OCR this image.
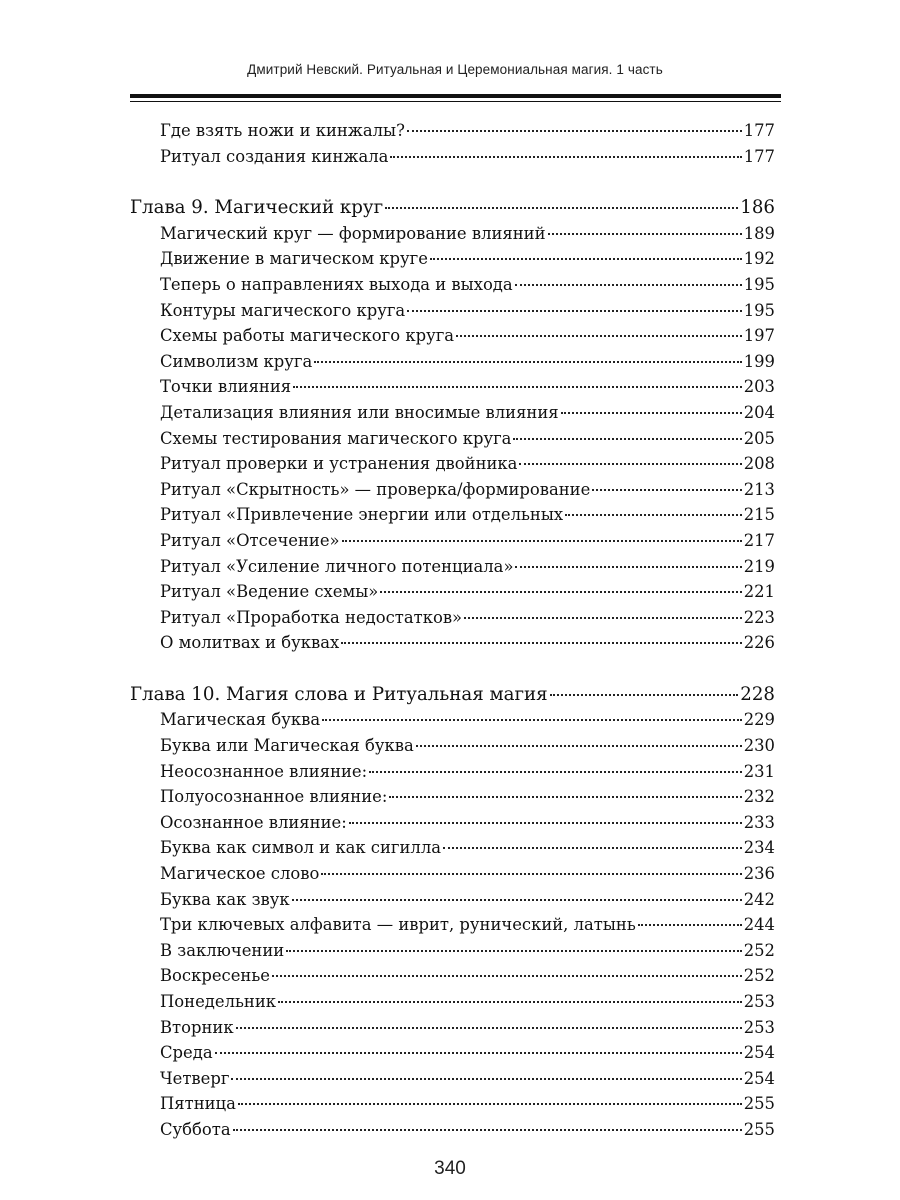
Дмитрий Невский. Ритуальная и Церемониальная магия. 1 часть
Где взять ножи и кинжалы?	177
Ритуал создания кинжала	177
Глава 9. Магический круг	186
Магический круг — формирование влияний	189
Движение в магическом круге	192
Теперь о направлениях выхода и выхода	195
Контуры магического круга	195
Схемы работы магического круга	197
Символизм круга	199
Точки влияния	203
Детализация влияния или вносимые влияния	204
Схемы тестирования магического круга	205
Ритуал проверки и устранения двойника	208
Ритуал «Скрытность» — проверка/формирование	213
Ритуал «Привлечение энергии или отдельных	215
Ритуал «Отсечение»	217
Ритуал «Усиление личного потенциала»	219
Ритуал «Ведение схемы»	221
Ритуал «Проработка недостатков»	223
О молитвах и буквах	226
Глава 10. Магия слова и Ритуальная магия	228
Магическая буква	229
Буква или Магическая буква	230
Неосознанное влияние:	231
Полуосознанное влияние:	232
Осознанное влияние:	233
Буква как символ и как сигилла	234
Магическое слово	236
Буква как звук	242
Три ключевых алфавита — иврит, рунический, латынь	244
В заключении	252
Воскресенье	252
Понедельник	253
Вторник	253
Среда	254
Четверг	254
Пятница	255
Суббота	255
340
